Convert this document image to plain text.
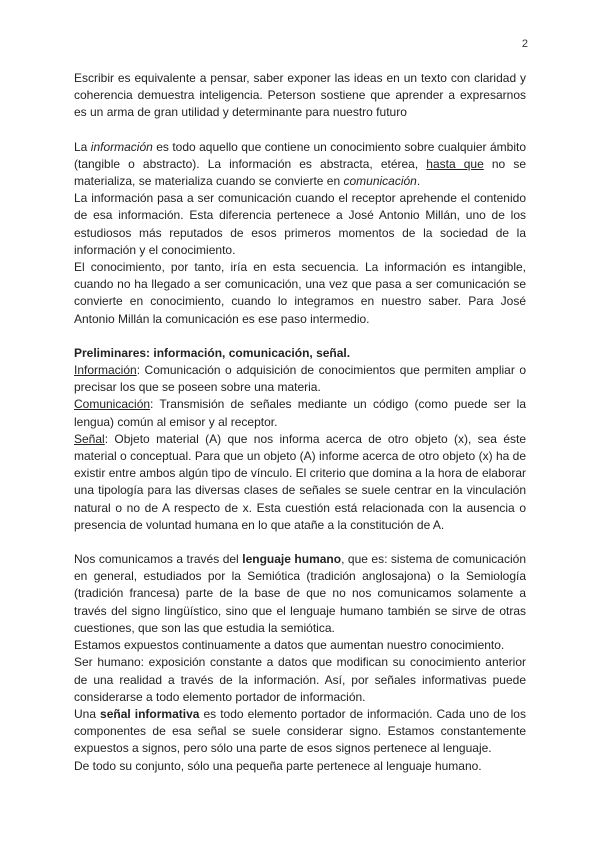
2

Escribir es equivalente a pensar, saber exponer las ideas en un texto con claridad y coherencia demuestra inteligencia. Peterson sostiene que aprender a expresarnos es un arma de gran utilidad y determinante para nuestro futuro

La información es todo aquello que contiene un conocimiento sobre cualquier ámbito (tangible o abstracto). La información es abstracta, etérea, hasta que no se materializa, se materializa cuando se convierte en comunicación.

La información pasa a ser comunicación cuando el receptor aprehende el contenido de esa información. Esta diferencia pertenece a José Antonio Millán, uno de los estudiosos más reputados de esos primeros momentos de la sociedad de la información y el conocimiento.

El conocimiento, por tanto, iría en esta secuencia. La información es intangible, cuando no ha llegado a ser comunicación, una vez que pasa a ser comunicación se convierte en conocimiento, cuando lo integramos en nuestro saber. Para José Antonio Millán la comunicación es ese paso intermedio.

Preliminares: información, comunicación, señal.

Información: Comunicación o adquisición de conocimientos que permiten ampliar o precisar los que se poseen sobre una materia.

Comunicación: Transmisión de señales mediante un código (como puede ser la lengua) común al emisor y al receptor.

Señal: Objeto material (A) que nos informa acerca de otro objeto (x), sea éste material o conceptual. Para que un objeto (A) informe acerca de otro objeto (x) ha de existir entre ambos algún tipo de vínculo. El criterio que domina a la hora de elaborar una tipología para las diversas clases de señales se suele centrar en la vinculación natural o no de A respecto de x. Esta cuestión está relacionada con la ausencia o presencia de voluntad humana en lo que atañe a la constitución de A.

Nos comunicamos a través del lenguaje humano, que es: sistema de comunicación en general, estudiados por la Semiótica (tradición anglosajona) o la Semiología (tradición francesa) parte de la base de que no nos comunicamos solamente a través del signo lingüístico, sino que el lenguaje humano también se sirve de otras cuestiones, que son las que estudia la semiótica.

Estamos expuestos continuamente a datos que aumentan nuestro conocimiento.

Ser humano: exposición constante a datos que modifican su conocimiento anterior de una realidad a través de la información. Así, por señales informativas puede considerarse a todo elemento portador de información.

Una señal informativa es todo elemento portador de información. Cada uno de los componentes de esa señal se suele considerar signo. Estamos constantemente expuestos a signos, pero sólo una parte de esos signos pertenece al lenguaje.

De todo su conjunto, sólo una pequeña parte pertenece al lenguaje humano.
